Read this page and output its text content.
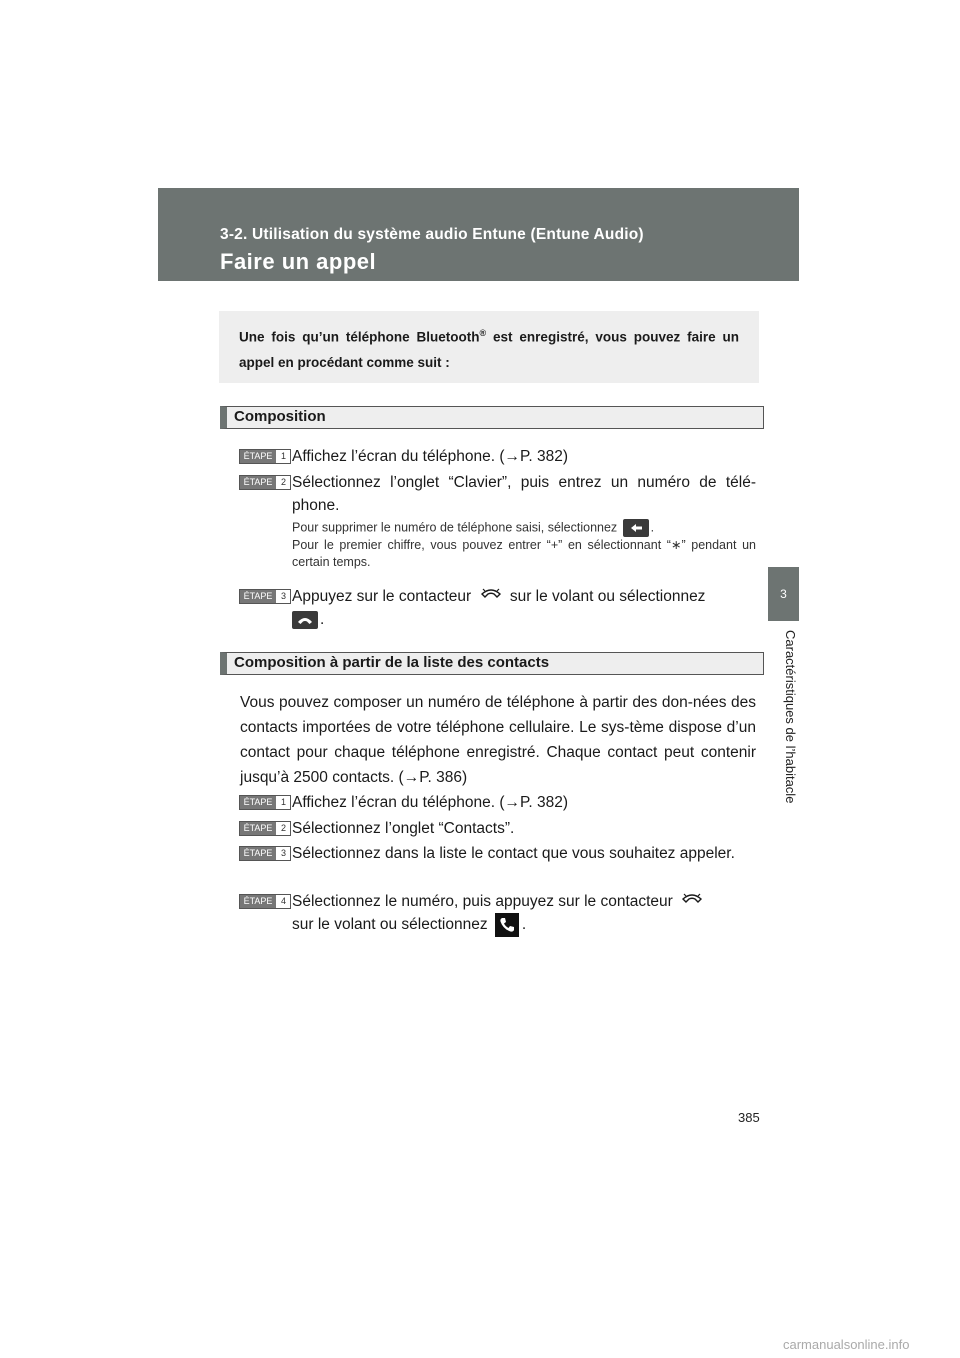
3-2. Utilisation du système audio Entune (Entune Audio)
Faire un appel
3
Caractéristiques de l’habitacle
Une fois qu’un téléphone Bluetooth® est enregistré, vous pouvez faire un appel en procédant comme suit :
Composition
ÉTAPE 1 Affichez l’écran du téléphone. (→P. 382)
ÉTAPE 2 Sélectionnez l’onglet “Clavier”, puis entrez un numéro de télé-phone.
Pour supprimer le numéro de téléphone saisi, sélectionnez	.
Pour le premier chiffre, vous pouvez entrer “+” en sélectionnant “∗” pendant un certain temps.
ÉTAPE 3 Appuyez sur le contacteur sur le volant ou sélectionnez
.
Composition à partir de la liste des contacts
Vous pouvez composer un numéro de téléphone à partir des don-nées des contacts importées de votre téléphone cellulaire. Le sys-tème dispose d’un contact pour chaque téléphone enregistré. Chaque contact peut contenir jusqu’à 2500 contacts. (→P. 386)
ÉTAPE 1 Affichez l’écran du téléphone. (→P. 382)
ÉTAPE 2 Sélectionnez l’onglet “Contacts”.
ÉTAPE 3 Sélectionnez dans la liste le contact que vous souhaitez appeler.
ÉTAPE 4 Sélectionnez le numéro, puis appuyez sur le contacteur
sur le volant ou sélectionnez .
385
carmanualsonline.info
